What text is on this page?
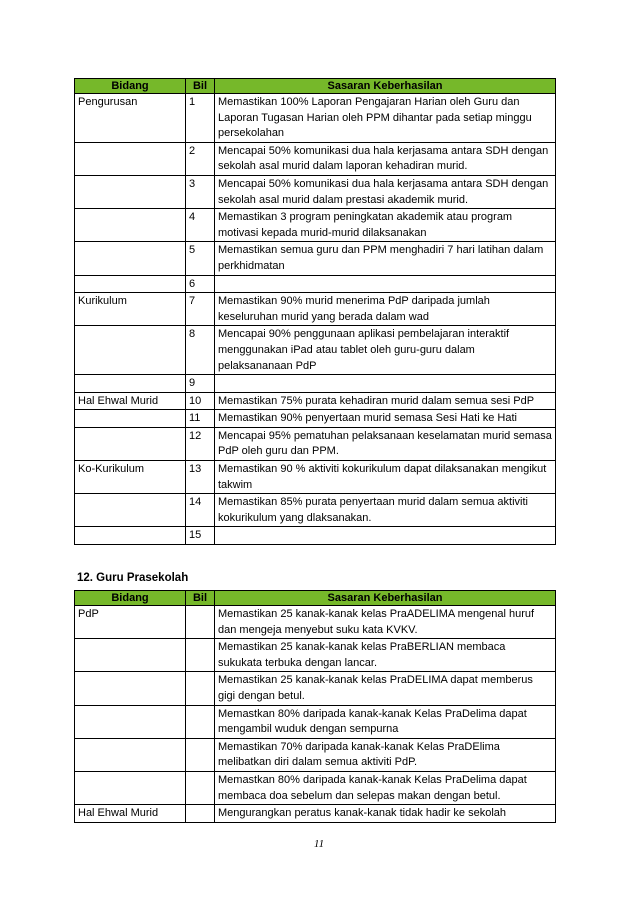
Bidang	Bil	Sasaran Keberhasilan
Pengurusan	1	Memastikan 100% Laporan Pengajaran Harian oleh Guru dan Laporan Tugasan Harian oleh PPM dihantar pada setiap minggu persekolahan
	2	Mencapai 50% komunikasi dua hala kerjasama antara SDH dengan sekolah asal murid dalam laporan kehadiran murid.
	3	Mencapai 50% komunikasi dua hala kerjasama antara SDH dengan sekolah asal murid dalam prestasi akademik murid.
	4	Memastikan 3 program peningkatan akademik atau program motivasi kepada murid-murid dilaksanakan
	5	Memastikan semua guru dan PPM menghadiri 7 hari latihan dalam perkhidmatan
	6	
Kurikulum	7	Memastikan 90% murid menerima PdP daripada jumlah keseluruhan murid yang berada dalam wad
	8	Mencapai 90% penggunaan aplikasi pembelajaran interaktif menggunakan iPad atau tablet oleh guru-guru dalam pelaksananaan PdP
	9	
Hal Ehwal Murid	10	Memastikan 75% purata kehadiran murid dalam semua sesi PdP
	11	Memastikan 90% penyertaan murid semasa Sesi Hati ke Hati
	12	Mencapai 95% pematuhan pelaksanaan keselamatan murid semasa PdP oleh guru dan PPM.
Ko-Kurikulum	13	Memastikan 90 % aktiviti kokurikulum dapat dilaksanakan mengikut takwim
	14	Memastikan 85% purata penyertaan murid dalam semua aktiviti kokurikulum yang dlaksanakan.
	15	

12. Guru Prasekolah

Bidang	Bil	Sasaran Keberhasilan
PdP		Memastikan 25 kanak-kanak kelas PraADELIMA mengenal huruf dan mengeja menyebut suku kata KVKV.
		Memastikan 25 kanak-kanak kelas PraBERLIAN membaca sukukata terbuka dengan lancar.
		Memastikan 25 kanak-kanak kelas PraDELIMA dapat memberus gigi dengan betul.
		Memastkan 80% daripada kanak-kanak Kelas PraDelima dapat mengambil wuduk dengan sempurna
		Memastikan 70% daripada kanak-kanak Kelas PraDElima melibatkan diri dalam semua aktiviti PdP.
		Memastkan 80% daripada kanak-kanak Kelas PraDelima dapat membaca doa sebelum dan selepas makan dengan betul.
Hal Ehwal Murid		Mengurangkan peratus kanak-kanak tidak hadir ke sekolah
11
